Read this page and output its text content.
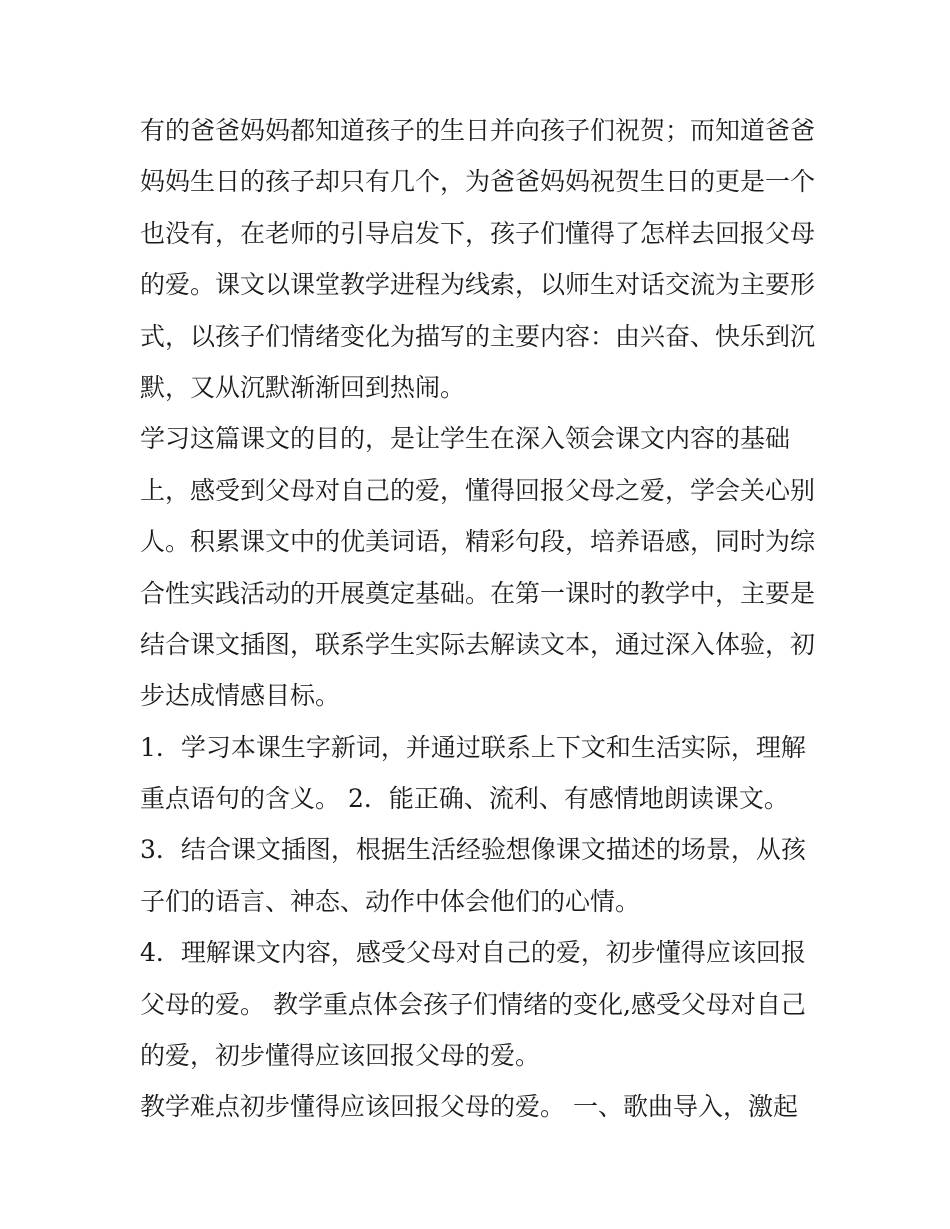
有的爸爸妈妈都知道孩子的生日并向孩子们祝贺；而知道爸爸
妈妈生日的孩子却只有几个，为爸爸妈妈祝贺生日的更是一个
也没有，在老师的引导启发下，孩子们懂得了怎样去回报父母
的爱。课文以课堂教学进程为线索，以师生对话交流为主要形
式，以孩子们情绪变化为描写的主要内容：由兴奋、快乐到沉
默，又从沉默渐渐回到热闹。
学习这篇课文的目的，是让学生在深入领会课文内容的基础
上，感受到父母对自己的爱，懂得回报父母之爱，学会关心别
人。积累课文中的优美词语，精彩句段，培养语感，同时为综
合性实践活动的开展奠定基础。在第一课时的教学中，主要是
结合课文插图，联系学生实际去解读文本，通过深入体验，初
步达成情感目标。
1．学习本课生字新词，并通过联系上下文和生活实际，理解
重点语句的含义。 2．能正确、流利、有感情地朗读课文。
3．结合课文插图，根据生活经验想像课文描述的场景，从孩
子们的语言、神态、动作中体会他们的心情。
4．理解课文内容，感受父母对自己的爱，初步懂得应该回报
父母的爱。 教学重点体会孩子们情绪的变化,感受父母对自己
的爱，初步懂得应该回报父母的爱。
教学难点初步懂得应该回报父母的爱。 一、歌曲导入，激起
